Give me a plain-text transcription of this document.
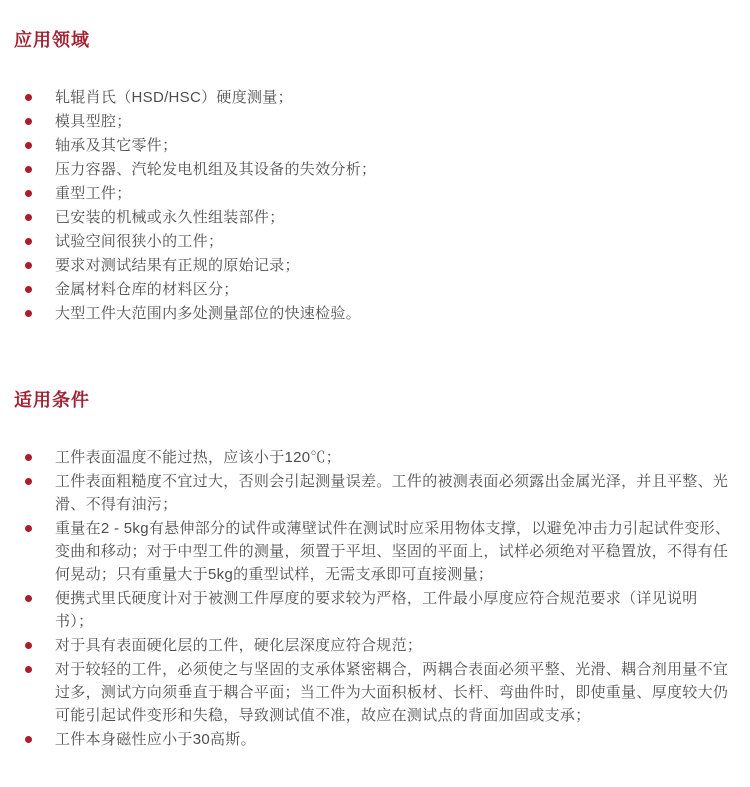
应用领域
轧辊肖氏（HSD/HSC）硬度测量；
模具型腔；
轴承及其它零件；
压力容器、汽轮发电机组及其设备的失效分析；
重型工件；
已安装的机械或永久性组装部件；
试验空间很狭小的工件；
要求对测试结果有正规的原始记录；
金属材料仓库的材料区分；
大型工件大范围内多处测量部位的快速检验。
适用条件
工件表面温度不能过热，应该小于120℃；
工件表面粗糙度不宜过大，否则会引起测量误差。工件的被测表面必须露出金属光泽，并且平整、光滑、不得有油污；
重量在2 - 5kg有悬伸部分的试件或薄壁试件在测试时应采用物体支撑，以避免冲击力引起试件变形、变曲和移动；对于中型工件的测量，须置于平坦、坚固的平面上，试样必须绝对平稳置放，不得有任何晃动；只有重量大于5kg的重型试样，无需支承即可直接测量；
便携式里氏硬度计对于被测工件厚度的要求较为严格，工件最小厚度应符合规范要求（详见说明书）；
对于具有表面硬化层的工件，硬化层深度应符合规范；
对于较轻的工件，必须使之与坚固的支承体紧密耦合，两耦合表面必须平整、光滑、耦合剂用量不宜过多，测试方向须垂直于耦合平面；当工件为大面积板材、长杆、弯曲件时，即使重量、厚度较大仍可能引起试件变形和失稳，导致测试值不准，故应在测试点的背面加固或支承；
工件本身磁性应小于30高斯。
